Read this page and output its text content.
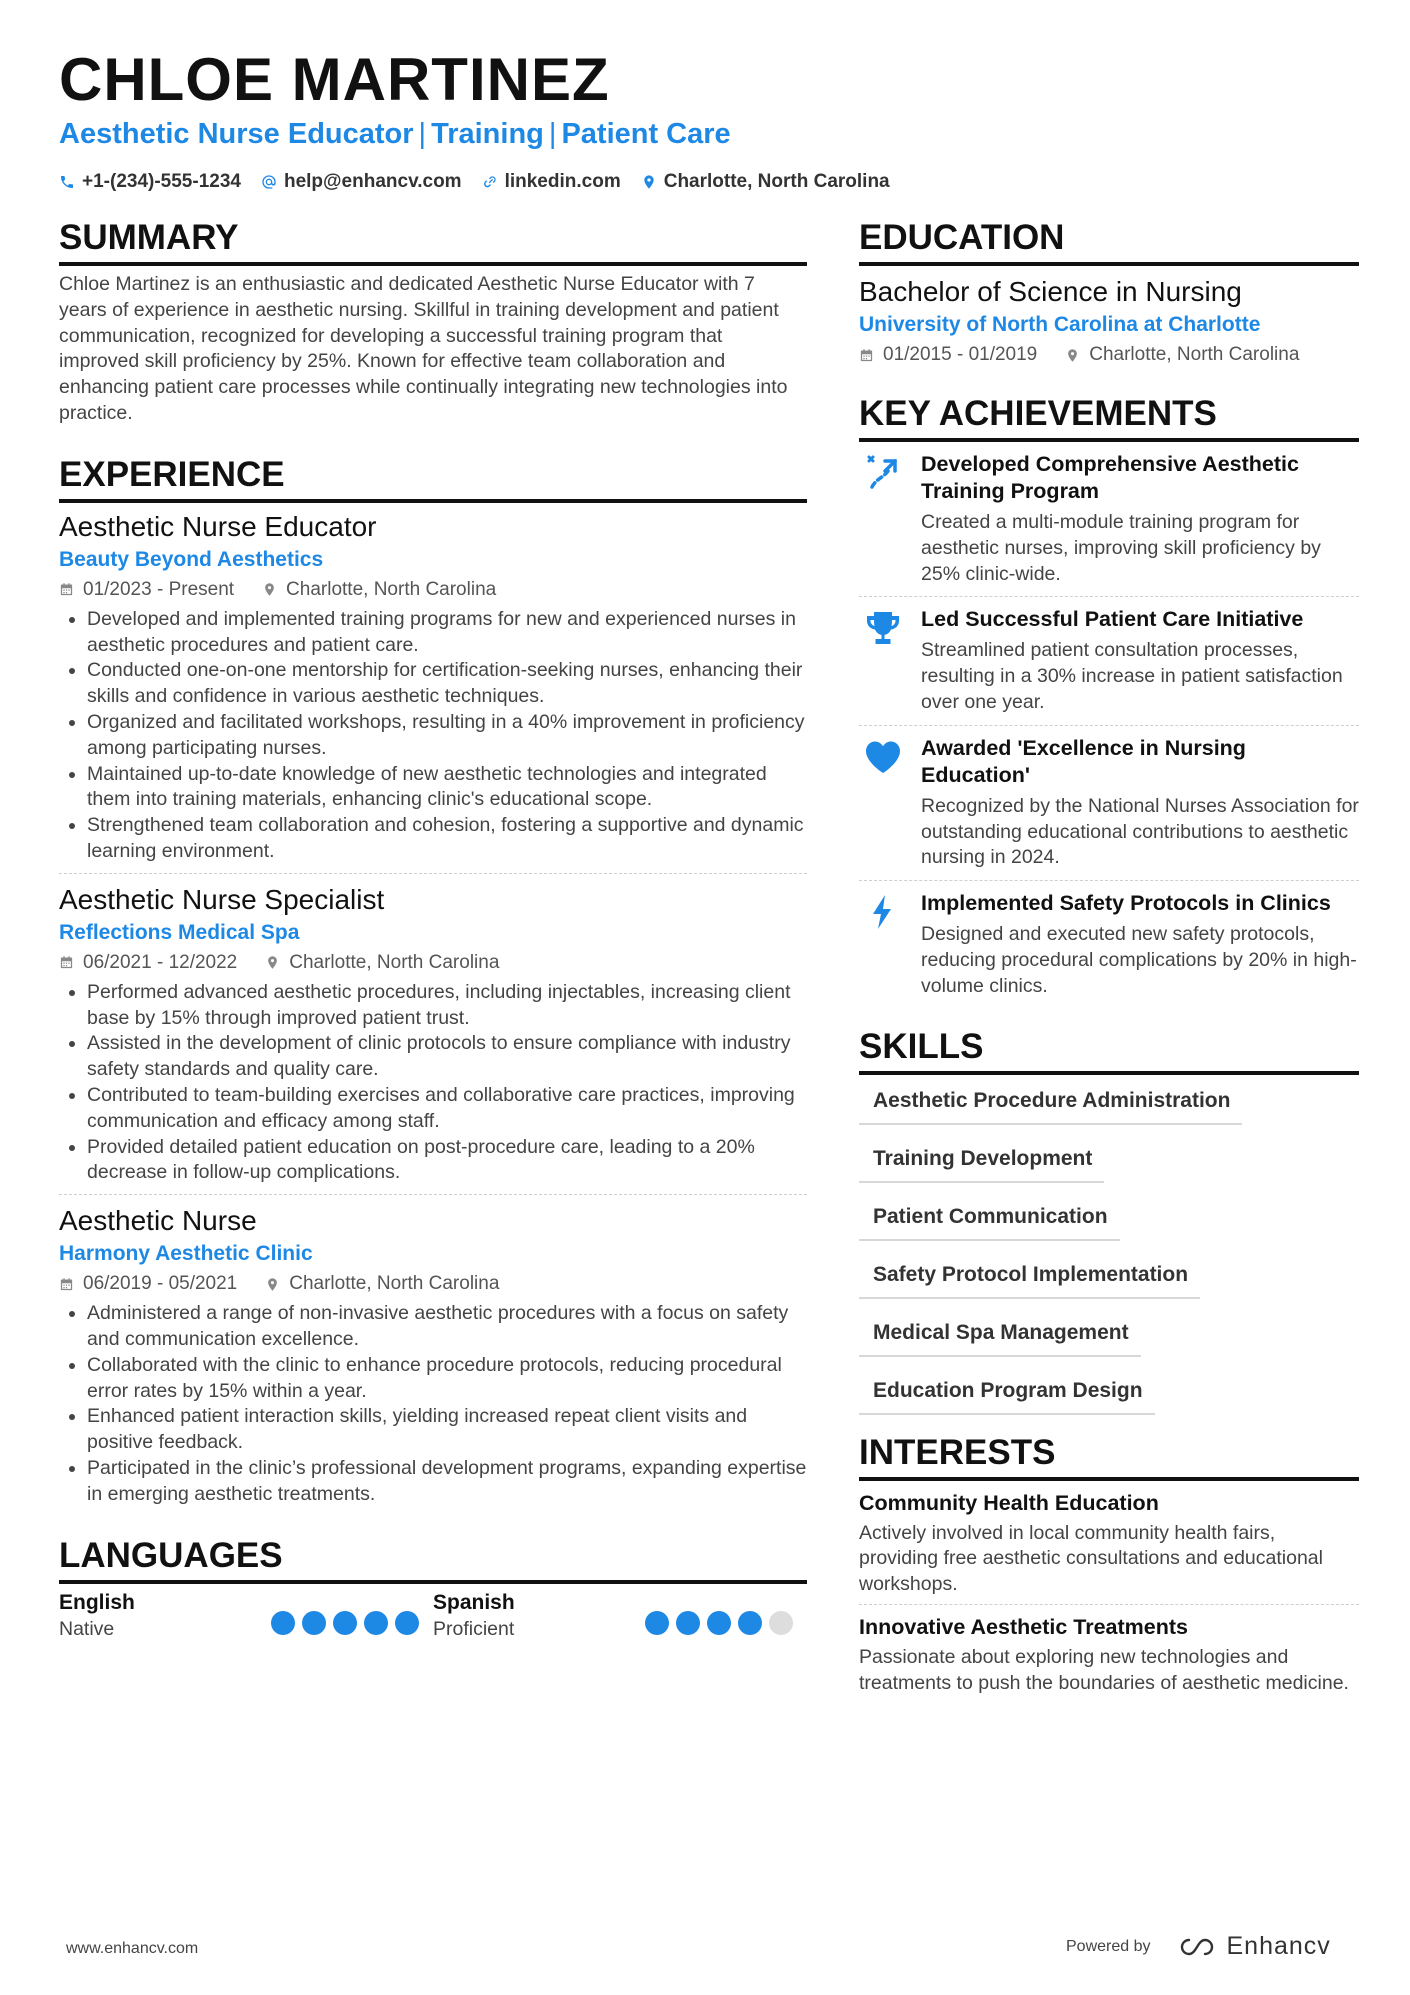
CHLOE MARTINEZ
Aesthetic Nurse Educator | Training | Patient Care
+1-(234)-555-1234 help@enhancv.com linkedin.com Charlotte, North Carolina
SUMMARY
Chloe Martinez is an enthusiastic and dedicated Aesthetic Nurse Educator with 7 years of experience in aesthetic nursing. Skillful in training development and patient communication, recognized for developing a successful training program that improved skill proficiency by 25%. Known for effective team collaboration and enhancing patient care processes while continually integrating new technologies into practice.
EXPERIENCE
Aesthetic Nurse Educator
Beauty Beyond Aesthetics
01/2023 - Present	Charlotte, North Carolina
• Developed and implemented training programs for new and experienced nurses in aesthetic procedures and patient care.
• Conducted one-on-one mentorship for certification-seeking nurses, enhancing their skills and confidence in various aesthetic techniques.
• Organized and facilitated workshops, resulting in a 40% improvement in proficiency among participating nurses.
• Maintained up-to-date knowledge of new aesthetic technologies and integrated them into training materials, enhancing clinic's educational scope.
• Strengthened team collaboration and cohesion, fostering a supportive and dynamic learning environment.
Aesthetic Nurse Specialist
Reflections Medical Spa
06/2021 - 12/2022	Charlotte, North Carolina
• Performed advanced aesthetic procedures, including injectables, increasing client base by 15% through improved patient trust.
• Assisted in the development of clinic protocols to ensure compliance with industry safety standards and quality care.
• Contributed to team-building exercises and collaborative care practices, improving communication and efficacy among staff.
• Provided detailed patient education on post-procedure care, leading to a 20% decrease in follow-up complications.
Aesthetic Nurse
Harmony Aesthetic Clinic
06/2019 - 05/2021	Charlotte, North Carolina
• Administered a range of non-invasive aesthetic procedures with a focus on safety and communication excellence.
• Collaborated with the clinic to enhance procedure protocols, reducing procedural error rates by 15% within a year.
• Enhanced patient interaction skills, yielding increased repeat client visits and positive feedback.
• Participated in the clinic’s professional development programs, expanding expertise in emerging aesthetic treatments.
LANGUAGES
English
Native
Spanish
Proficient
EDUCATION
Bachelor of Science in Nursing
University of North Carolina at Charlotte
01/2015 - 01/2019	Charlotte, North Carolina
KEY ACHIEVEMENTS
Developed Comprehensive Aesthetic Training Program
Created a multi-module training program for aesthetic nurses, improving skill proficiency by 25% clinic-wide.
Led Successful Patient Care Initiative
Streamlined patient consultation processes, resulting in a 30% increase in patient satisfaction over one year.
Awarded 'Excellence in Nursing Education'
Recognized by the National Nurses Association for outstanding educational contributions to aesthetic nursing in 2024.
Implemented Safety Protocols in Clinics
Designed and executed new safety protocols, reducing procedural complications by 20% in high-volume clinics.
SKILLS
Aesthetic Procedure Administration
Training Development
Patient Communication
Safety Protocol Implementation
Medical Spa Management
Education Program Design
INTERESTS
Community Health Education
Actively involved in local community health fairs, providing free aesthetic consultations and educational workshops.
Innovative Aesthetic Treatments
Passionate about exploring new technologies and treatments to push the boundaries of aesthetic medicine.
www.enhancv.com	Powered by	Enhancv
